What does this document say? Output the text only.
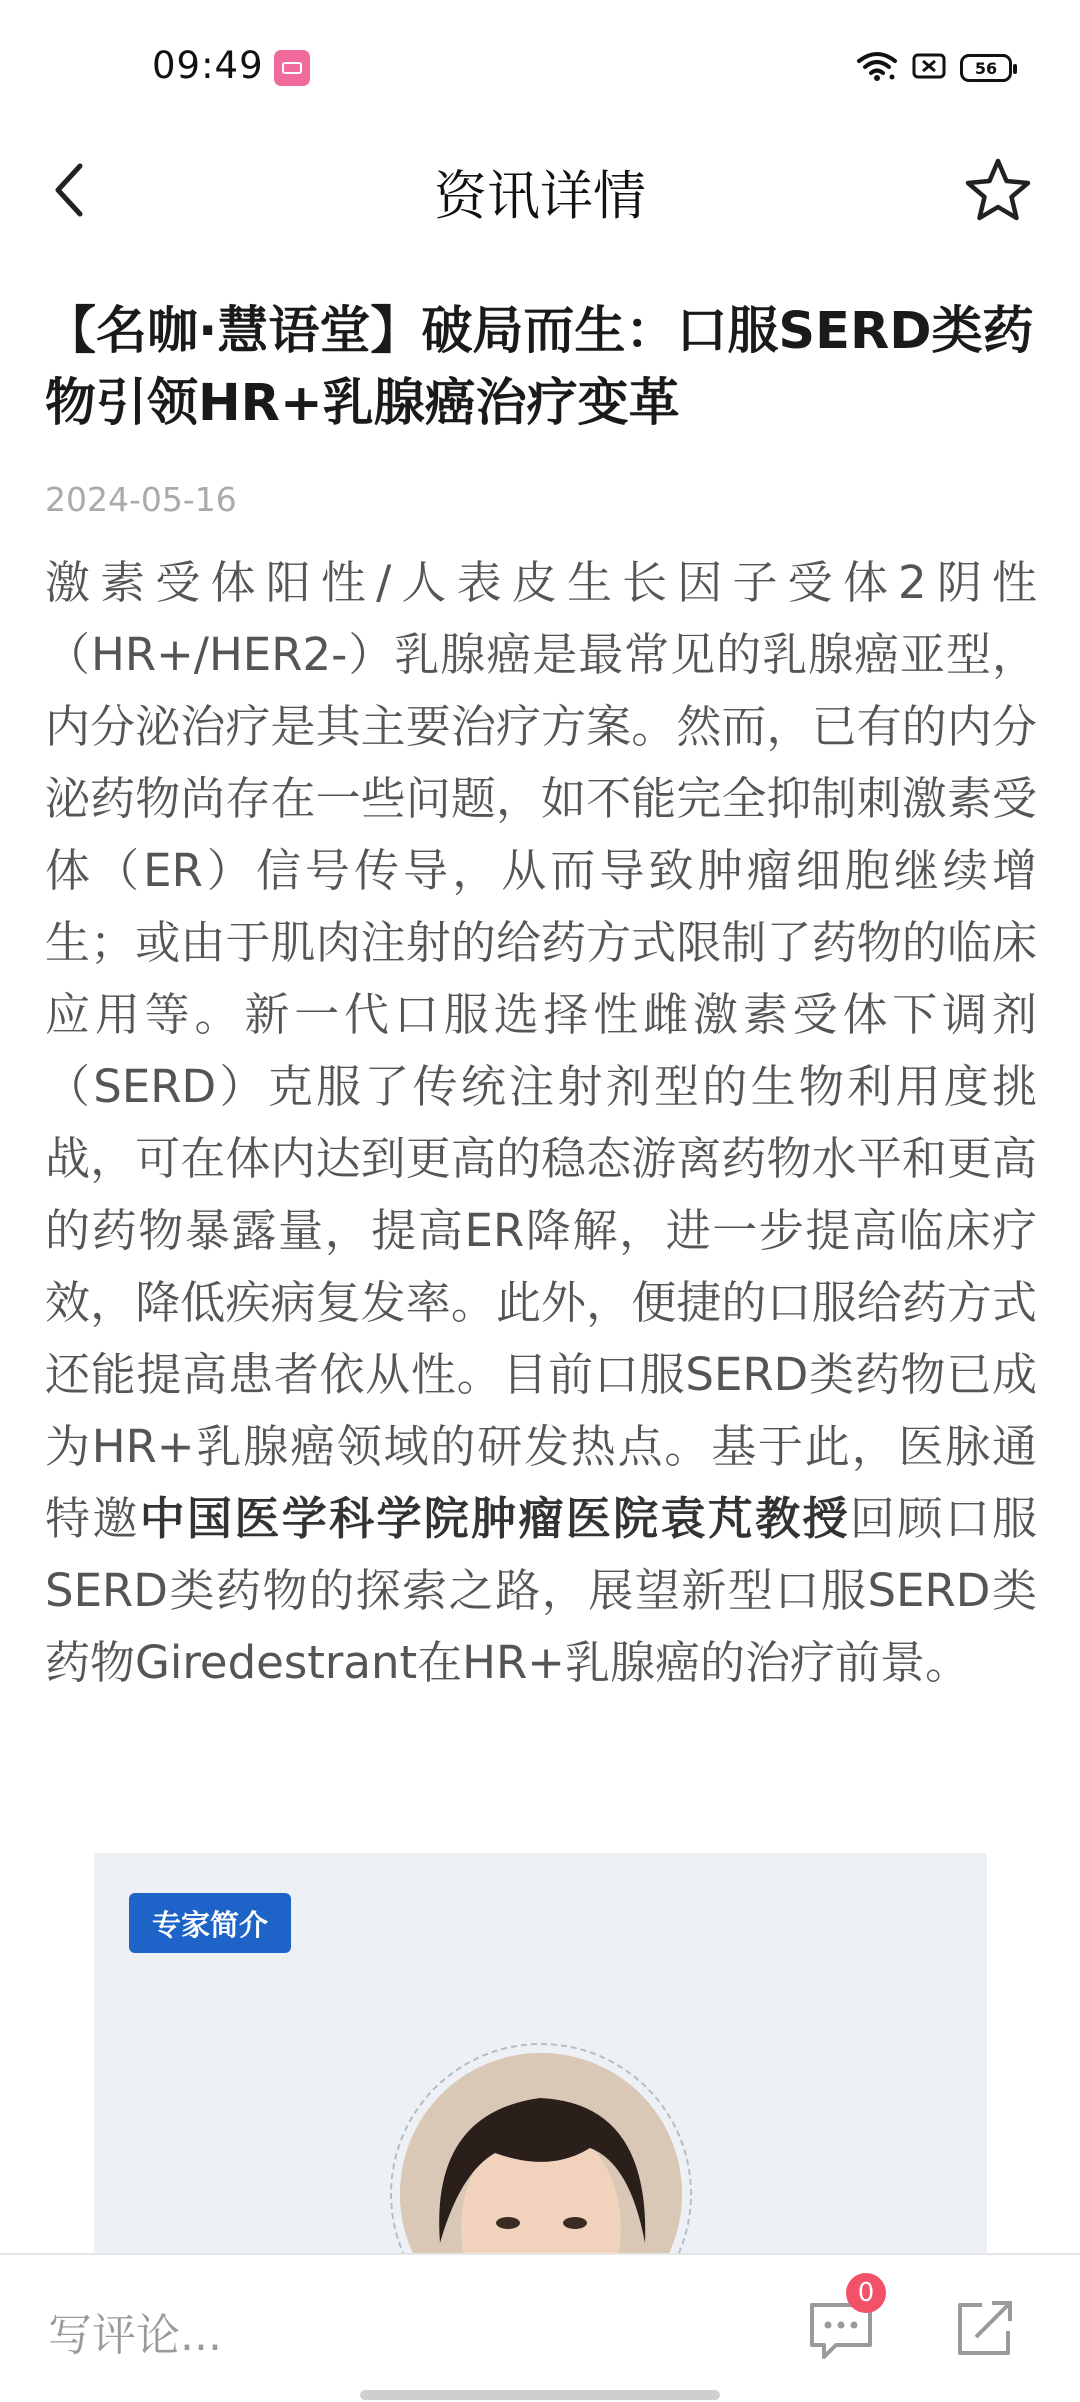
09:49	56
资讯详情
【名咖·慧语堂】破局而生：口服SERD类药物引领HR+乳腺癌治疗变革
2024-05-16
激素受体阳性/人表皮生长因子受体2阴性（HR+/HER2-）乳腺癌是最常见的乳腺癌亚型，内分泌治疗是其主要治疗方案。然而，已有的内分泌药物尚存在一些问题，如不能完全抑制刺激素受体（ER）信号传导，从而导致肿瘤细胞继续增生；或由于肌肉注射的给药方式限制了药物的临床应用等。新一代口服选择性雌激素受体下调剂（SERD）克服了传统注射剂型的生物利用度挑战，可在体内达到更高的稳态游离药物水平和更高的药物暴露量，提高ER降解，进一步提高临床疗效，降低疾病复发率。此外，便捷的口服给药方式还能提高患者依从性。目前口服SERD类药物已成为HR+乳腺癌领域的研发热点。基于此，医脉通特邀中国医学科学院肿瘤医院袁芃教授回顾口服SERD类药物的探索之路，展望新型口服SERD类药物Giredestrant在HR+乳腺癌的治疗前景。
专家简介
写评论...
0
